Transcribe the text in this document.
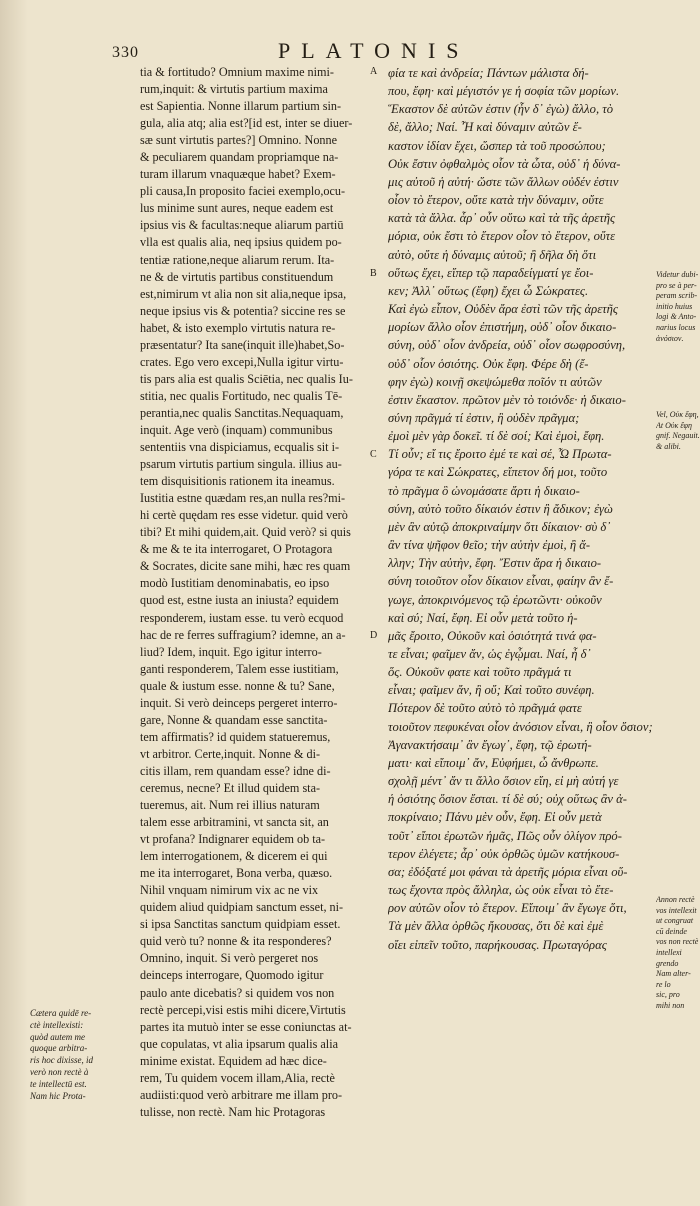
330	PLATONIS
tia & fortitudo? Omnium maxime nimi-
rum,inquit: & virtutis partium maxima
est Sapientia. Nonne illarum partium sin-
gula, alia atq; alia est?[id est, inter se diuer-
sæ sunt virtutis partes?] Omnino. Nonne
& peculiarem quandam propriamque na-
turam illarum vnaquæque habet? Exem-
pli causa,In proposito faciei exemplo,ocu-
lus minime sunt aures, neque eadem est
ipsius vis & facultas:neque aliarum partiū
vlla est qualis alia, neq ipsius quidem po-
tentiæ ratione,neque aliarum rerum. Ita-
ne & de virtutis partibus constituendum
est,nimirum vt alia non sit alia,neque ipsa,
neque ipsius vis & potentia? siccine res se
habet, & isto exemplo virtutis natura re-
præsentatur? Ita sane(inquit ille)habet,So-
crates. Ego vero excepi,Nulla igitur virtu-
tis pars alia est qualis Sciētia, nec qualis Iu-
stitia, nec qualis Fortitudo, nec qualis Tē-
perantia,nec qualis Sanctitas.Nequaquam,
inquit. Age verò (inquam) communibus
sententiis vna dispiciamus, ecqualis sit i-
psarum virtutis partium singula. illius au-
tem disquisitionis rationem ita ineamus.
Iustitia estne quædam res,an nulla res?mi-
hi certè quędam res esse videtur. quid verò
tibi? Et mihi quidem,ait. Quid verò? si quis
& me & te ita interrogaret, O Protagora
& Socrates, dicite sane mihi, hæc res quam
modò Iustitiam denominabatis, eo ipso
quod est, estne iusta an iniusta? equidem
responderem, iustam esse. tu verò ecquod
hac de re ferres suffragium? idemne, an a-
liud? Idem, inquit. Ego igitur interro-
ganti responderem, Talem esse iustitiam,
quale & iustum esse. nonne & tu? Sane,
inquit. Si verò deinceps pergeret interro-
gare, Nonne & quandam esse sanctita-
tem affirmatis? id quidem statueremus,
vt arbitror. Certe,inquit. Nonne & di-
citis illam, rem quandam esse? idne di-
ceremus, necne? Et illud quidem sta-
tueremus, ait. Num rei illius naturam
talem esse arbitramini, vt sancta sit, an
vt profana? Indignarer equidem ob ta-
lem interrogationem, & dicerem ei qui
me ita interrogaret, Bona verba, quæso.
Nihil vnquam nimirum vix ac ne vix
quidem aliud quidpiam sanctum esset, ni-
si ipsa Sanctitas sanctum quidpiam esset.
quid verò tu? nonne & ita responderes?
Omnino, inquit. Si verò pergeret nos
deinceps interrogare, Quomodo igitur
paulo ante dicebatis? si quidem vos non
rectè percepi,visi estis mihi dicere,Virtutis
partes ita mutuò inter se esse coniunctas at-
que copulatas, vt alia ipsarum qualis alia
minime existat. Equidem ad hæc dice-
rem, Tu quidem vocem illam,Alia, rectè
audiisti:quod verò arbitrare me illam pro-
tulisse, non rectè. Nam hic Protagoras
A
B
C
D
φία τε καὶ ἀνδρεία; Πάντων μάλιστα δή-
που, ἔφη· καὶ μέγιστόν γε ἡ σοφία τῶν μορίων.
Ἕκαστον δὲ αὐτῶν ἐστιν (ἦν δ᾽ ἐγὼ) ἄλλο, τὸ
δὲ, ἄλλο; Ναί. Ἦ καὶ δύναμιν αὐτῶν ἕ-
καστον ἰδίαν ἔχει, ὥσπερ τὰ τοῦ προσώπου;
Οὐκ ἔστιν ὀφθαλμὸς οἷον τὰ ὦτα, οὐδ᾽ ἡ δύνα-
μις αὐτοῦ ἡ αὐτή· ὥστε τῶν ἄλλων οὐδέν ἐστιν
οἷον τὸ ἕτερον, οὔτε κατὰ τὴν δύναμιν, οὔτε
κατὰ τὰ ἄλλα. ἆρ᾽ οὖν οὕτω καὶ τὰ τῆς ἀρετῆς
μόρια, οὐκ ἔστι τὸ ἕτερον οἷον τὸ ἕτερον, οὔτε
αὐτὸ, οὔτε ἡ δύναμις αὐτοῦ; ἢ δῆλα δὴ ὅτι
οὕτως ἔχει, εἴπερ τῷ παραδείγματί γε ἔοι-
κεν; Ἀλλ᾽ οὕτως (ἔφη) ἔχει ὦ Σώκρατες.
Καὶ ἐγὼ εἶπον, Οὐδὲν ἄρα ἐστὶ τῶν τῆς ἀρετῆς
μορίων ἄλλο οἷον ἐπιστήμη, οὐδ᾽ οἷον δικαιο-
σύνη, οὐδ᾽ οἷον ἀνδρεία, οὐδ᾽ οἷον σωφροσύνη,
οὐδ᾽ οἷον ὁσιότης. Οὐκ ἔφη. Φέρε δὴ (ἔ-
φην ἐγὼ) κοινῇ σκεψώμεθα ποῖόν τι αὐτῶν
ἐστιν ἕκαστον. πρῶτον μὲν τὸ τοιόνδε· ἡ δικαιο-
σύνη πρᾶγμά τί ἐστιν, ἢ οὐδὲν πρᾶγμα;
ἐμοὶ μὲν γὰρ δοκεῖ. τί δὲ σοί; Καὶ ἐμοὶ, ἔφη.
Τί οὖν; εἴ τις ἔροιτο ἐμέ τε καὶ σέ, Ὦ Πρωτα-
γόρα τε καὶ Σώκρατες, εἴπετον δή μοι, τοῦτο
τὸ πρᾶγμα ὃ ὠνομάσατε ἄρτι ἡ δικαιο-
σύνη, αὐτὸ τοῦτο δίκαιόν ἐστιν ἢ ἄδικον; ἐγὼ
μὲν ἂν αὐτῷ ἀποκριναίμην ὅτι δίκαιον· σὺ δ᾽
ἂν τίνα ψῆφον θεῖο; τὴν αὐτὴν ἐμοὶ, ἢ ἄ-
λλην; Τὴν αὐτὴν, ἔφη. Ἔστιν ἄρα ἡ δικαιο-
σύνη τοιοῦτον οἷον δίκαιον εἶναι, φαίην ἂν ἔ-
γωγε, ἀποκρινόμενος τῷ ἐρωτῶντι· οὐκοῦν
καὶ σύ; Ναί, ἔφη. Εἰ οὖν μετὰ τοῦτο ἡ-
μᾶς ἔροιτο, Οὐκοῦν καὶ ὁσιότητά τινά φα-
τε εἶναι; φαῖμεν ἄν, ὡς ἐγᾦμαι. Ναί, ἦ δ᾽
ὅς. Οὐκοῦν φατε καὶ τοῦτο πρᾶγμά τι
εἶναι; φαῖμεν ἄν, ἢ οὔ; Καὶ τοῦτο συνέφη.
Πότερον δὲ τοῦτο αὐτὸ τὸ πρᾶγμά φατε
τοιοῦτον πεφυκέναι οἷον ἀνόσιον εἶναι, ἢ οἷον ὅσιον;
Ἀγανακτήσαιμ᾽ ἂν ἔγωγ᾽, ἔφη, τῷ ἐρωτή-
ματι· καὶ εἴποιμ᾽ ἄν, Εὐφήμει, ὦ ἄνθρωπε.
σχολῇ μέντ᾽ ἄν τι ἄλλο ὅσιον εἴη, εἰ μὴ αὐτή γε
ἡ ὁσιότης ὅσιον ἔσται. τί δὲ σύ; οὐχ οὕτως ἂν ἀ-
ποκρίναιο; Πάνυ μὲν οὖν, ἔφη. Εἰ οὖν μετὰ
τοῦτ᾽ εἴποι ἐρωτῶν ἡμᾶς, Πῶς οὖν ὀλίγον πρό-
τερον ἐλέγετε; ἆρ᾽ οὐκ ὀρθῶς ὑμῶν κατήκουσ-
σα; ἐδόξατέ μοι φάναι τὰ ἀρετῆς μόρια εἶναι οὕ-
τως ἔχοντα πρὸς ἄλληλα, ὡς οὐκ εἶναι τὸ ἕτε-
ρον αὐτῶν οἷον τὸ ἕτερον. Εἴποιμ᾽ ἂν ἔγωγε ὅτι,
Τὰ μὲν ἄλλα ὀρθῶς ἤκουσας, ὅτι δὲ καὶ ἐμὲ
οἴει εἰπεῖν τοῦτο, παρήκουσας. Πρωταγόρας
Cætera quidē re-
ctè intellexisti:
quòd autem me
quoque arbitra-
ris hoc dixisse, id
verò non rectè à
te intellectū est.
Nam hic Prota-
Videtur dubi-
pro se à per-
peram scrib-
initio huius
logi & Anto-
narius locus
ἀνόσιον.
Vel, Οὐκ ἔφη,
At Οὐκ ἔφη
gnif. Negauit.
& alibi.
Annon rectè
vos intellexit
ut congruat
cū deinde
vos non rectè
intellexi
grendo
Nam alter-
re lo
sic, pro
mihi non
